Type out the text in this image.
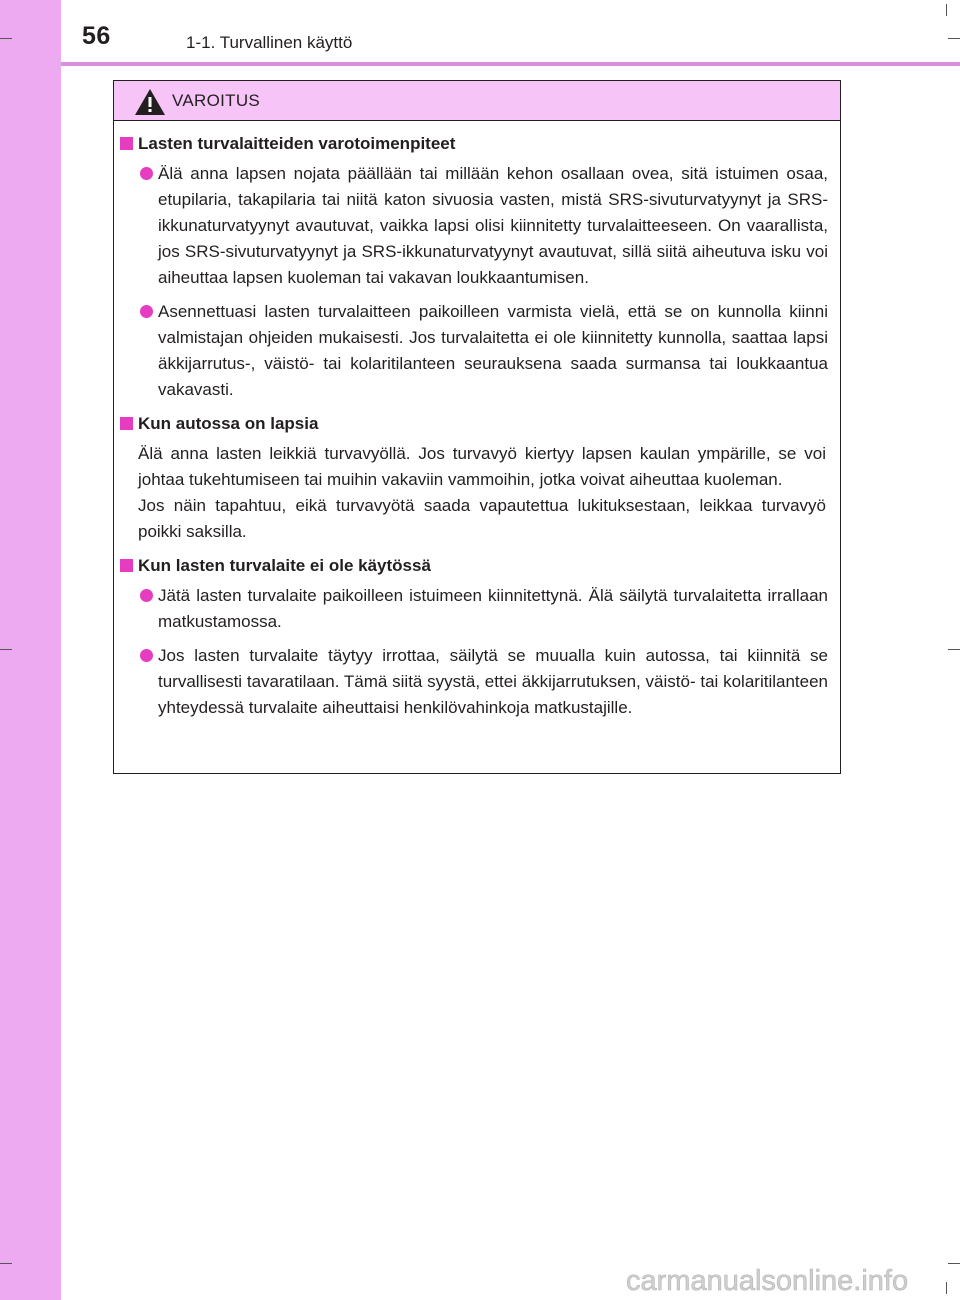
56	1-1. Turvallinen käyttö
VAROITUS
Lasten turvalaitteiden varotoimenpiteet
Älä anna lapsen nojata päällään tai millään kehon osallaan ovea, sitä istuimen osaa, etupilaria, takapilaria tai niitä katon sivuosia vasten, mistä SRS-sivuturvatyynyt ja SRS-ikkunaturvatyynyt avautuvat, vaikka lapsi olisi kiinnitetty turvalaitteeseen. On vaarallista, jos SRS-sivuturvatyynyt ja SRS-ikkunaturvatyynyt avautuvat, sillä siitä aiheutuva isku voi aiheuttaa lapsen kuoleman tai vakavan loukkaantumisen.
Asennettuasi lasten turvalaitteen paikoilleen varmista vielä, että se on kunnolla kiinni valmistajan ohjeiden mukaisesti. Jos turvalaitetta ei ole kiinnitetty kunnolla, saattaa lapsi äkkijarrutus-, väistö- tai kolaritilanteen seurauksena saada surmansa tai loukkaantua vakavasti.
Kun autossa on lapsia
Älä anna lasten leikkiä turvavyöllä. Jos turvavyö kiertyy lapsen kaulan ympärille, se voi johtaa tukehtumiseen tai muihin vakaviin vammoihin, jotka voivat aiheuttaa kuoleman.
Jos näin tapahtuu, eikä turvavyötä saada vapautettua lukituksestaan, leikkaa turvavyö poikki saksilla.
Kun lasten turvalaite ei ole käytössä
Jätä lasten turvalaite paikoilleen istuimeen kiinnitettynä. Älä säilytä turvalaitetta irrallaan matkustamossa.
Jos lasten turvalaite täytyy irrottaa, säilytä se muualla kuin autossa, tai kiinnitä se turvallisesti tavaratilaan. Tämä siitä syystä, ettei äkkijarrutuksen, väistö- tai kolaritilanteen yhteydessä turvalaite aiheuttaisi henkilövahinkoja matkustajille.
carmanualsonline.info
